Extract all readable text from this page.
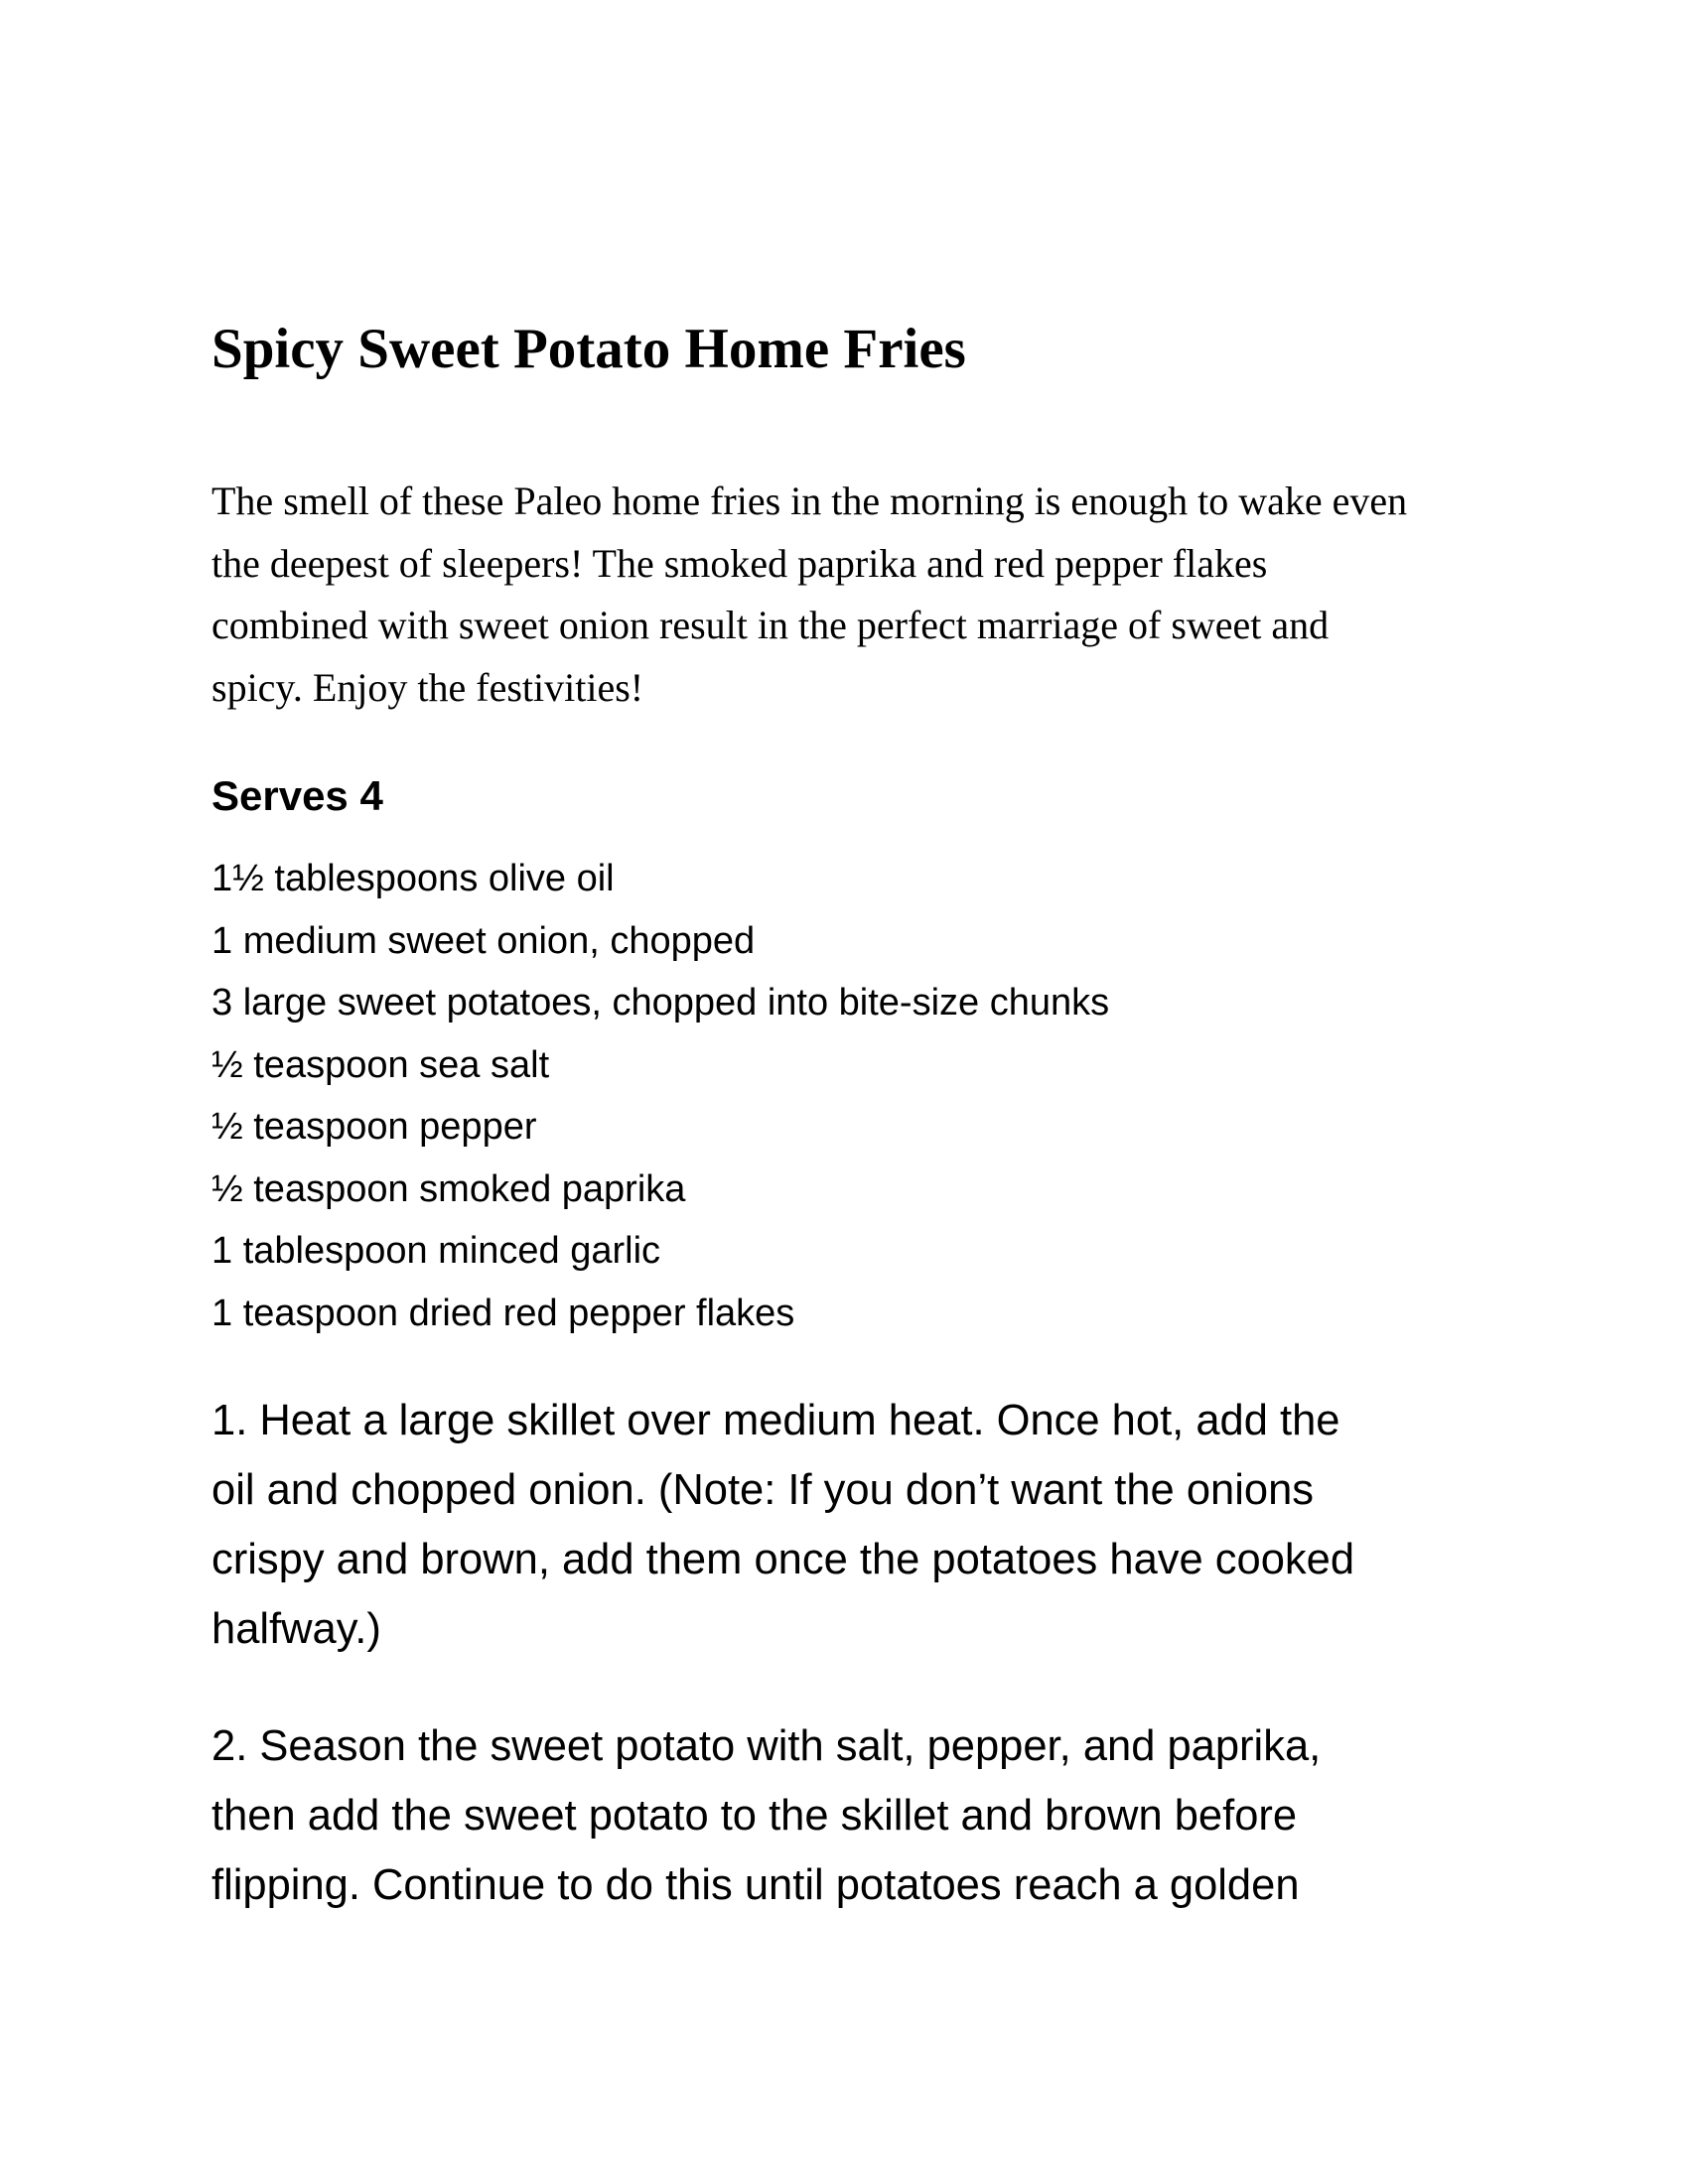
Spicy Sweet Potato Home Fries
The smell of these Paleo home fries in the morning is enough to wake even
the deepest of sleepers! The smoked paprika and red pepper flakes
combined with sweet onion result in the perfect marriage of sweet and
spicy. Enjoy the festivities!
Serves 4
1½ tablespoons olive oil
1 medium sweet onion, chopped
3 large sweet potatoes, chopped into bite-size chunks
½ teaspoon sea salt
½ teaspoon pepper
½ teaspoon smoked paprika
1 tablespoon minced garlic
1 teaspoon dried red pepper flakes
1. Heat a large skillet over medium heat. Once hot, add the
oil and chopped onion. (Note: If you don’t want the onions
crispy and brown, add them once the potatoes have cooked
halfway.)
2. Season the sweet potato with salt, pepper, and paprika,
then add the sweet potato to the skillet and brown before
flipping. Continue to do this until potatoes reach a golden
